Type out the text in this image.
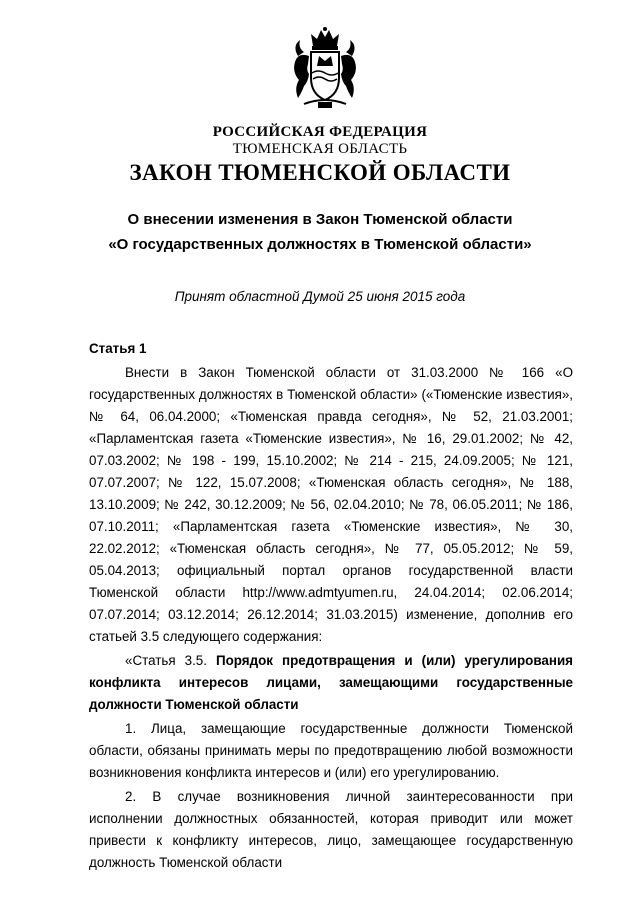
РОССИЙСКАЯ ФЕДЕРАЦИЯ
ТЮМЕНСКАЯ ОБЛАСТЬ
ЗАКОН ТЮМЕНСКОЙ ОБЛАСТИ
О внесении изменения в Закон Тюменской области
«О государственных должностях в Тюменской области»
Принят областной Думой 25 июня 2015 года

Статья 1

Внести в Закон Тюменской области от 31.03.2000 № 166 «О государственных должностях в Тюменской области» («Тюменские известия», № 64, 06.04.2000; «Тюменская правда сегодня», № 52, 21.03.2001; «Парламентская газета «Тюменские известия», № 16, 29.01.2002; № 42, 07.03.2002; № 198 - 199, 15.10.2002; № 214 - 215, 24.09.2005; № 121, 07.07.2007; № 122, 15.07.2008; «Тюменская область сегодня», № 188, 13.10.2009; № 242, 30.12.2009; № 56, 02.04.2010; № 78, 06.05.2011; № 186, 07.10.2011; «Парламентская газета «Тюменские известия», № 30, 22.02.2012; «Тюменская область сегодня», № 77, 05.05.2012; № 59, 05.04.2013; официальный портал органов государственной власти Тюменской области http://www.admtyumen.ru, 24.04.2014; 02.06.2014; 07.07.2014; 03.12.2014; 26.12.2014; 31.03.2015) изменение, дополнив его статьей 3.5 следующего содержания:

«Статья 3.5. Порядок предотвращения и (или) урегулирования конфликта интересов лицами, замещающими государственные должности Тюменской области

1. Лица, замещающие государственные должности Тюменской области, обязаны принимать меры по предотвращению любой возможности возникновения конфликта интересов и (или) его урегулированию.

2. В случае возникновения личной заинтересованности при исполнении должностных обязанностей, которая приводит или может привести к конфликту интересов, лицо, замещающее государственную должность Тюменской области
